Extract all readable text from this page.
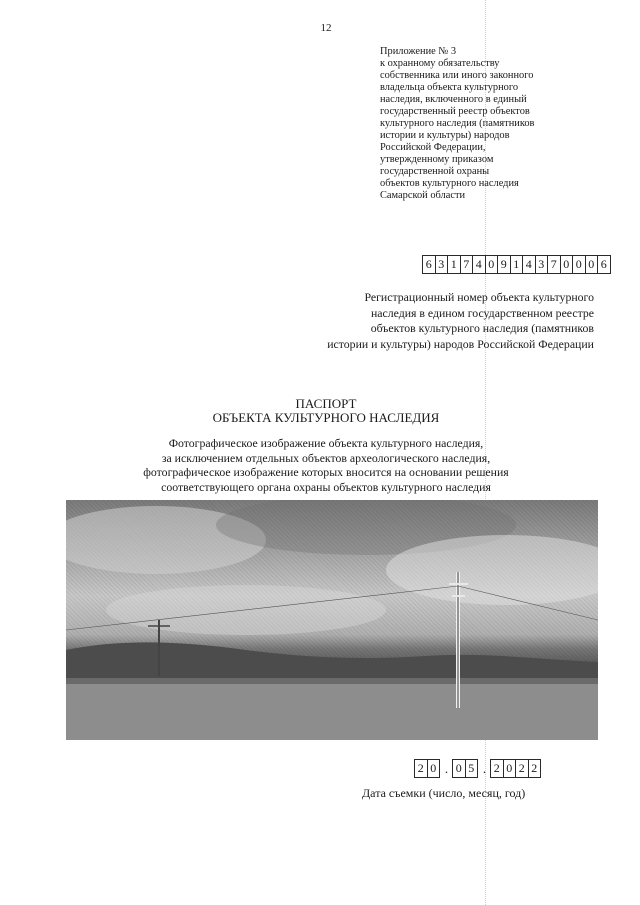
12
Приложение № 3
к охранному обязательству
собственника или иного законного
владельца объекта культурного
наследия, включенного в единый
государственный реестр объектов
культурного наследия (памятников
истории и культуры) народов
Российской Федерации,
утвержденному приказом
государственной охраны
объектов культурного наследия
Самарской области
6 3 1 7 4 0 9 1 4 3 7 0 0 0 6
Регистрационный номер объекта культурного
наследия в едином государственном реестре
объектов культурного наследия (памятников
истории и культуры) народов Российской Федерации
ПАСПОРТ
ОБЪЕКТА КУЛЬТУРНОГО НАСЛЕДИЯ
Фотографическое изображение объекта культурного наследия,
за исключением отдельных объектов археологического наследия,
фотографическое изображение которых вносится на основании решения
соответствующего органа охраны объектов культурного наследия
2 0 . 0 5 . 2 0 2 2
Дата съемки (число, месяц, год)
